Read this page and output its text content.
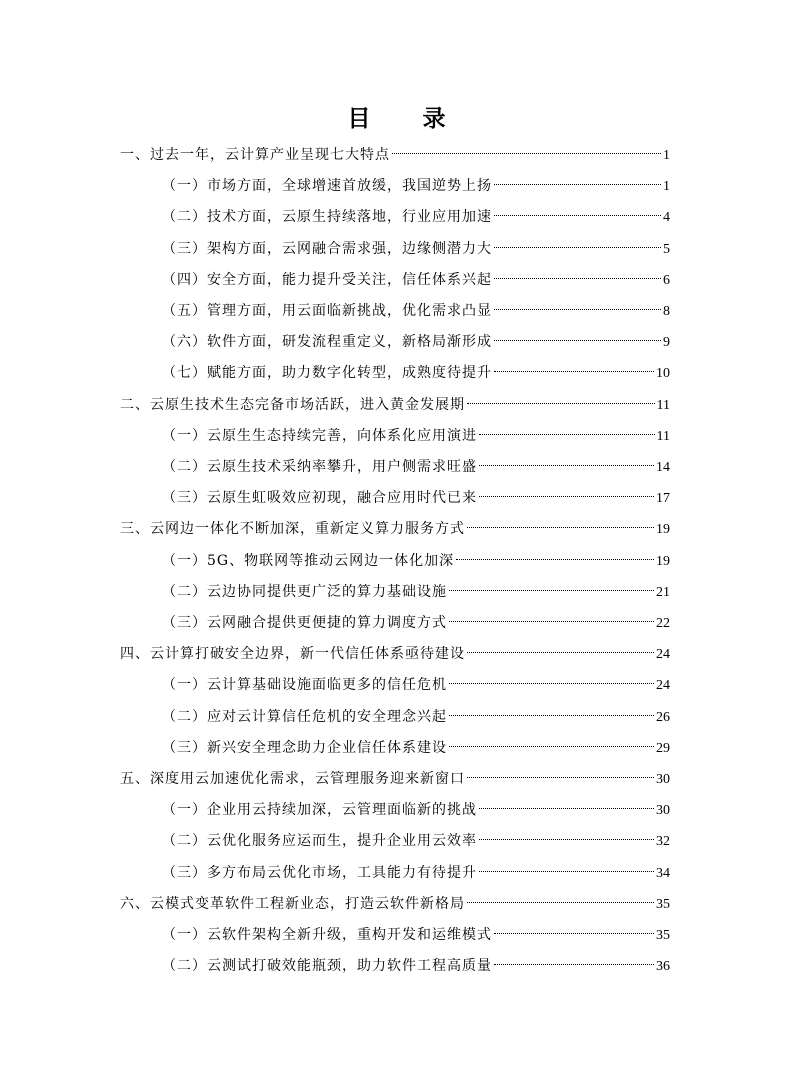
目 录
一、过去一年，云计算产业呈现七大特点	1
（一）市场方面，全球增速首放缓，我国逆势上扬	1
（二）技术方面，云原生持续落地，行业应用加速	4
（三）架构方面，云网融合需求强，边缘侧潜力大	5
（四）安全方面，能力提升受关注，信任体系兴起	6
（五）管理方面，用云面临新挑战，优化需求凸显	8
（六）软件方面，研发流程重定义，新格局渐形成	9
（七）赋能方面，助力数字化转型，成熟度待提升	10
二、云原生技术生态完备市场活跃，进入黄金发展期	11
（一）云原生生态持续完善，向体系化应用演进	11
（二）云原生技术采纳率攀升，用户侧需求旺盛	14
（三）云原生虹吸效应初现，融合应用时代已来	17
三、云网边一体化不断加深，重新定义算力服务方式	19
（一）5G、物联网等推动云网边一体化加深	19
（二）云边协同提供更广泛的算力基础设施	21
（三）云网融合提供更便捷的算力调度方式	22
四、云计算打破安全边界，新一代信任体系亟待建设	24
（一）云计算基础设施面临更多的信任危机	24
（二）应对云计算信任危机的安全理念兴起	26
（三）新兴安全理念助力企业信任体系建设	29
五、深度用云加速优化需求，云管理服务迎来新窗口	30
（一）企业用云持续加深，云管理面临新的挑战	30
（二）云优化服务应运而生，提升企业用云效率	32
（三）多方布局云优化市场，工具能力有待提升	34
六、云模式变革软件工程新业态，打造云软件新格局	35
（一）云软件架构全新升级，重构开发和运维模式	35
（二）云测试打破效能瓶颈，助力软件工程高质量	36
